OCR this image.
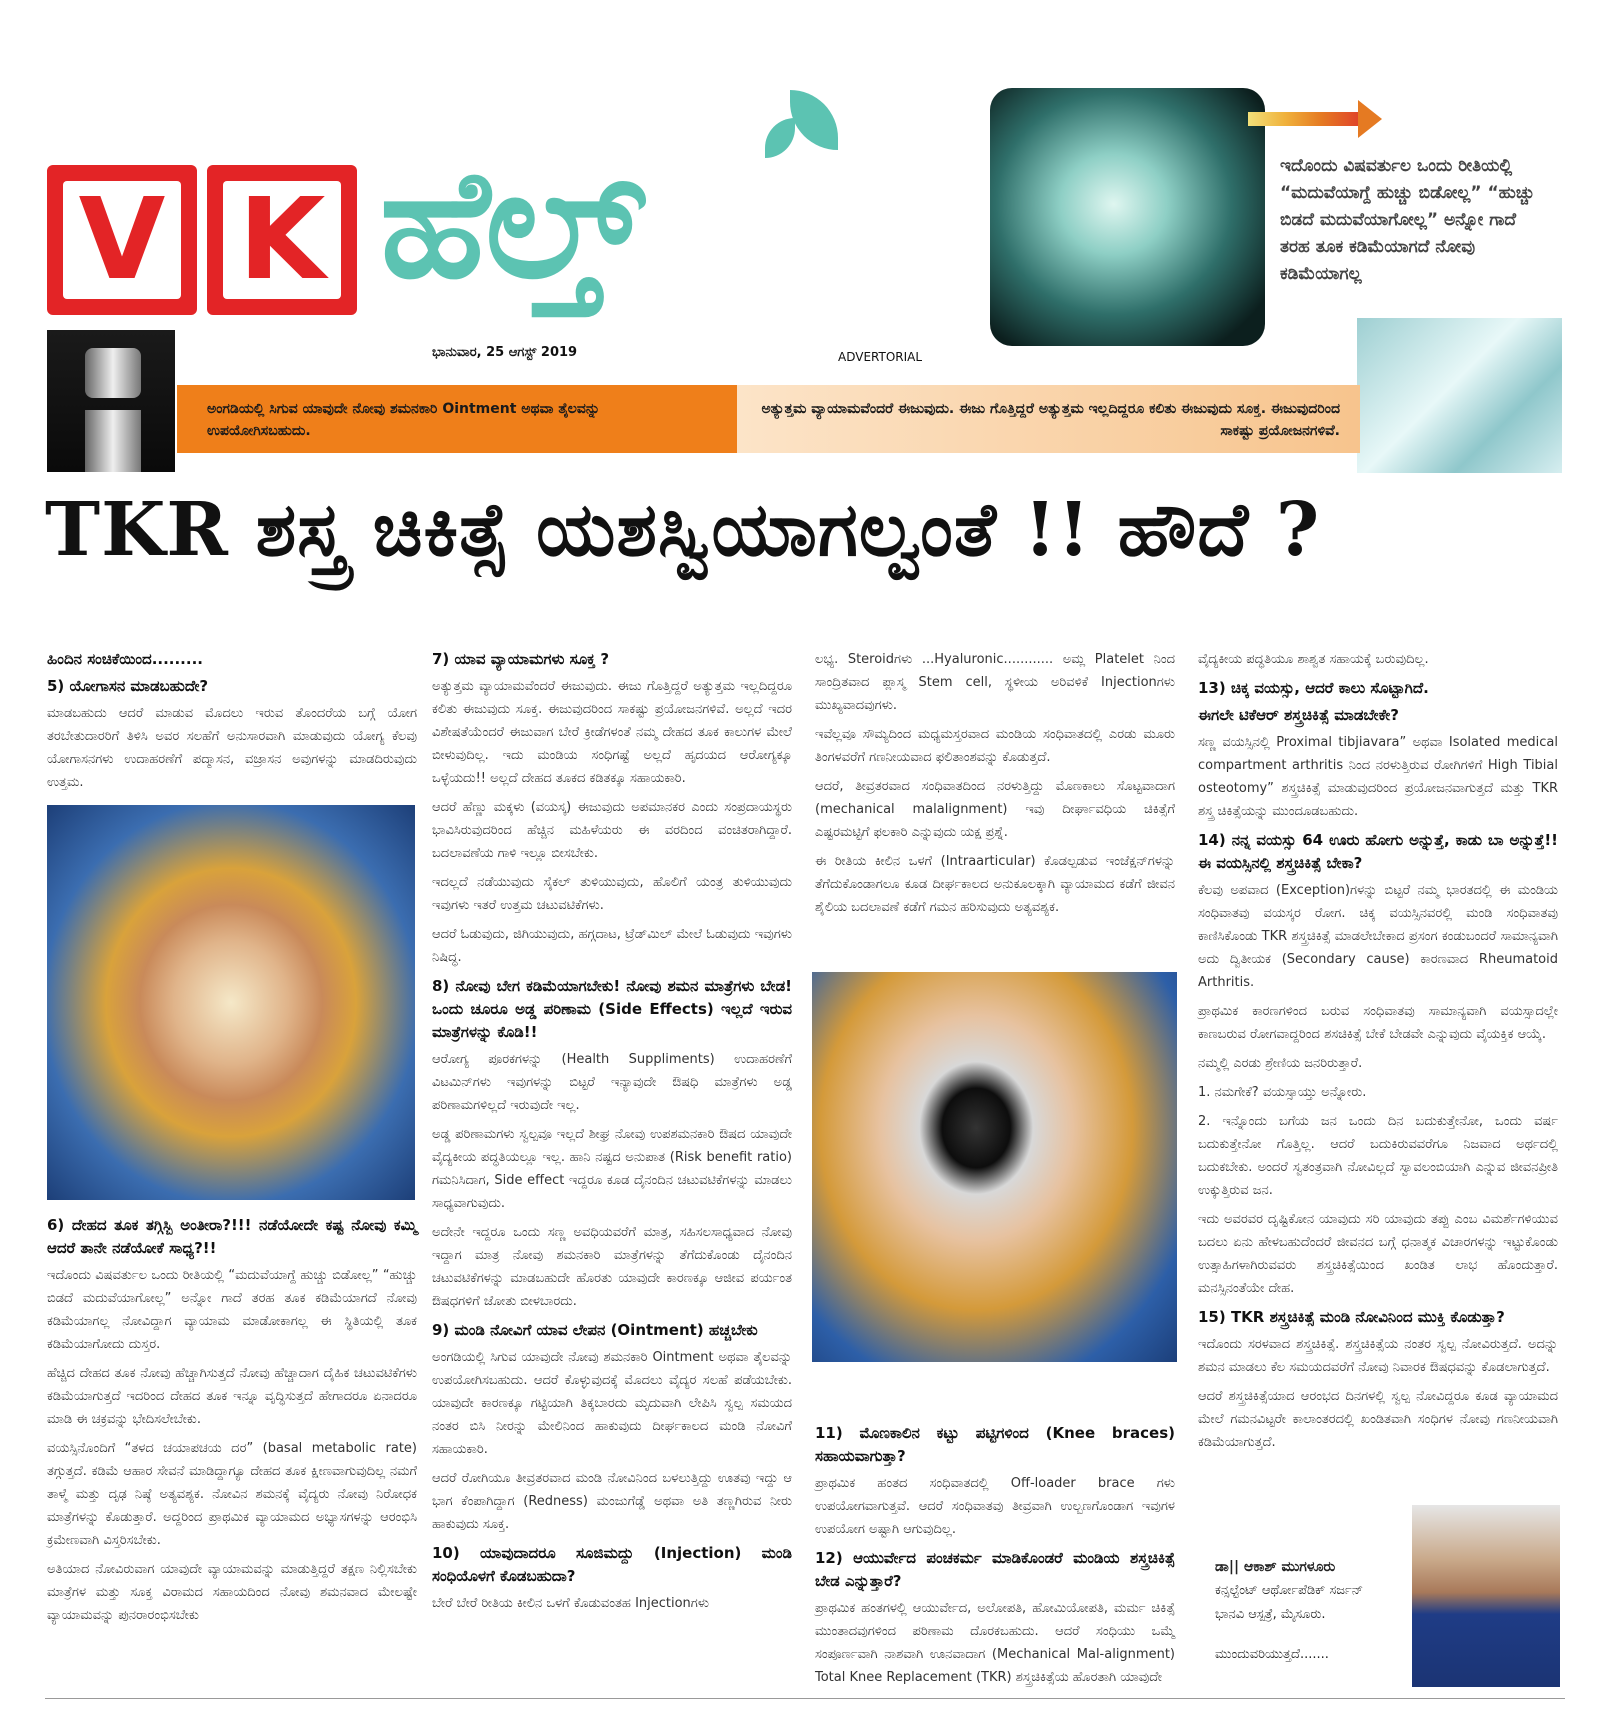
V K ಹೆಲ್ತ್	ಇದೊಂದು ವಿಷವರ್ತುಲ ಒಂದು ರೀತಿಯಲ್ಲಿ “ಮದುವೆಯಾಗ್ದೆ ಹುಚ್ಚು ಬಿಡೋಲ್ಲ” “ಹುಚ್ಚು ಬಿಡದೆ ಮದುವೆಯಾಗೋಲ್ಲ” ಅನ್ನೋ ಗಾದೆ ತರಹ ತೂಕ ಕಡಿಮೆಯಾಗದೆ ನೋವು ಕಡಿಮೆಯಾಗಲ್ಲ
ಭಾನುವಾರ, 25 ಆಗಸ್ಟ್ 2019	ADVERTORIAL
ಅಂಗಡಿಯಲ್ಲಿ ಸಿಗುವ ಯಾವುದೇ ನೋವು ಶಮನಕಾರಿ Ointment ಅಥವಾ ತೈಲವನ್ನು ಉಪಯೋಗಿಸಬಹುದು.
ಅತ್ಯುತ್ತಮ ವ್ಯಾಯಾಮವೆಂದರೆ ಈಜುವುದು. ಈಜು ಗೊತ್ತಿದ್ದರೆ ಅತ್ಯುತ್ತಮ ಇಲ್ಲದಿದ್ದರೂ ಕಲಿತು ಈಜುವುದು ಸೂಕ್ತ. ಈಜುವುದರಿಂದ ಸಾಕಷ್ಟು ಪ್ರಯೋಜನಗಳಿವೆ.
TKR ಶಸ್ತ್ರ ಚಿಕಿತ್ಸೆ ಯಶಸ್ವಿಯಾಗಲ್ವಂತೆ !! ಹೌದೆ ?

ಹಿಂದಿನ ಸಂಚಿಕೆಯಿಂದ.........

5) ಯೋಗಾಸನ ಮಾಡಬಹುದೇ?

ಮಾಡಬಹುದು ಆದರೆ ಮಾಡುವ ಮೊದಲು ಇರುವ ತೊಂದರೆಯ ಬಗ್ಗೆ ಯೋಗ ತರಬೇತುದಾರರಿಗೆ ತಿಳಿಸಿ ಅವರ ಸಲಹೆಗೆ ಅನುಸಾರವಾಗಿ ಮಾಡುವುದು ಯೋಗ್ಯ ಕೆಲವು ಯೋಗಾಸನಗಳು ಉದಾಹರಣೆಗೆ ಪದ್ಮಾಸನ, ವಜ್ರಾಸನ ಅವುಗಳನ್ನು ಮಾಡದಿರುವುದು ಉತ್ತಮ.

6) ದೇಹದ ತೂಕ ತಗ್ಗಿಸ್ಬಿ ಅಂತೀರಾ?!!! ನಡೆಯೋದೇ ಕಷ್ಟ ನೋವು ಕಮ್ಮಿ ಆದರೆ ತಾನೇ ನಡೆಯೋಕೆ ಸಾಧ್ಯ?!!

ಇದೊಂದು ವಿಷವರ್ತುಲ ಒಂದು ರೀತಿಯಲ್ಲಿ “ಮದುವೆಯಾಗ್ದೆ ಹುಚ್ಚು ಬಿಡೋಲ್ಲ” “ಹುಚ್ಚು ಬಿಡದೆ ಮದುವೆಯಾಗೋಲ್ಲ” ಅನ್ನೋ ಗಾದೆ ತರಹ ತೂಕ ಕಡಿಮೆಯಾಗದೆ ನೋವು ಕಡಿಮೆಯಾಗಲ್ಲ ನೋವಿದ್ದಾಗ ವ್ಯಾಯಾಮ ಮಾಡೋಕಾಗಲ್ಲ ಈ ಸ್ಥಿತಿಯಲ್ಲಿ ತೂಕ ಕಡಿಮೆಯಾಗೋದು ದುಸ್ತರ.

ಹೆಚ್ಚಿದ ದೇಹದ ತೂಕ ನೋವು ಹೆಚ್ಚಾಗಿಸುತ್ತದೆ ನೋವು ಹೆಚ್ಚಾದಾಗ ದೈಹಿಕ ಚಟುವಟಿಕೆಗಳು ಕಡಿಮೆಯಾಗುತ್ತದೆ ಇದರಿಂದ ದೇಹದ ತೂಕ ಇನ್ನೂ ವೃದ್ಧಿಸುತ್ತದೆ ಹೇಗಾದರೂ ಏನಾದರೂ ಮಾಡಿ ಈ ಚಕ್ರವನ್ನು ಭೇದಿಸಲೇಬೇಕು.

ವಯಸ್ಸಿನೊಂದಿಗೆ “ತಳದ ಚಯಾಪಚಯ ದರ” (basal metabolic rate) ತಗ್ಗುತ್ತದೆ. ಕಡಿಮೆ ಆಹಾರ ಸೇವನೆ ಮಾಡಿದ್ದಾಗ್ಯೂ ದೇಹದ ತೂಕ ಕ್ಷೀಣವಾಗುವುದಿಲ್ಲ ನಮಗೆ ತಾಳ್ಮೆ ಮತ್ತು ದೃಢ ನಿಷ್ಠೆ ಅತ್ಯವಶ್ಯಕ. ನೋವಿನ ಶಮನಕ್ಕೆ ವೈದ್ಯರು ನೋವು ನಿರೋಧಕ ಮಾತ್ರೆಗಳನ್ನು ಕೊಡುತ್ತಾರೆ. ಅದ್ದರಿಂದ ಪ್ರಾಥಮಿಕ ವ್ಯಾಯಾಮದ ಅಭ್ಯಾಸಗಳನ್ನು ಆರಂಭಿಸಿ ಕ್ರಮೇಣವಾಗಿ ವಿಸ್ತರಿಸಬೇಕು.

ಅತಿಯಾದ ನೋವಿರುವಾಗ ಯಾವುದೇ ವ್ಯಾಯಾಮವನ್ನು ಮಾಡುತ್ತಿದ್ದರೆ ತಕ್ಷಣ ನಿಲ್ಲಿಸಬೇಕು ಮಾತ್ರೆಗಳ ಮತ್ತು ಸೂಕ್ತ ವಿರಾಮದ ಸಹಾಯದಿಂದ ನೋವು ಶಮನವಾದ ಮೇಲಷ್ಟೇ ವ್ಯಾಯಾಮವನ್ನು ಪುನರಾರಂಭಿಸಬೇಕು

7) ಯಾವ ವ್ಯಾಯಾಮಗಳು ಸೂಕ್ತ ?

ಅತ್ಯುತ್ತಮ ವ್ಯಾಯಾಮವೆಂದರೆ ಈಜುವುದು. ಈಜು ಗೊತ್ತಿದ್ದರೆ ಅತ್ಯುತ್ತಮ ಇಲ್ಲದಿದ್ದರೂ ಕಲಿತು ಈಜುವುದು ಸೂಕ್ತ. ಈಜುವುದರಿಂದ ಸಾಕಷ್ಟು ಪ್ರಯೋಜನಗಳಿವೆ. ಅಲ್ಲದೆ ಇದರ ವಿಶೇಷತೆಯೆಂದರೆ ಈಜುವಾಗ ಬೇರೆ ಕ್ರೀಡೆಗಳಂತೆ ನಮ್ಮ ದೇಹದ ತೂಕ ಕಾಲುಗಳ ಮೇಲೆ ಬೀಳುವುದಿಲ್ಲ. ಇದು ಮಂಡಿಯ ಸಂಧಿಗಷ್ಟೆ ಅಲ್ಲದೆ ಹೃದಯದ ಆರೋಗ್ಯಕ್ಕೂ ಒಳ್ಳೆಯದು!! ಅಲ್ಲದೆ ದೇಹದ ತೂಕದ ಕಡಿತಕ್ಕೂ ಸಹಾಯಕಾರಿ.

ಆದರೆ ಹೆಣ್ಣು ಮಕ್ಕಳು (ವಯಸ್ಕ) ಈಜುವುದು ಅಪಮಾನಕರ ಎಂದು ಸಂಪ್ರದಾಯಸ್ಥರು ಭಾವಿಸಿರುವುದರಿಂದ ಹೆಚ್ಚಿನ ಮಹಿಳೆಯರು ಈ ವರದಿಂದ ವಂಚಿತರಾಗಿದ್ದಾರೆ. ಬದಲಾವಣೆಯ ಗಾಳಿ ಇಲ್ಲೂ ಬೀಸಬೇಕು.

ಇದಲ್ಲದೆ ನಡೆಯುವುದು ಸೈಕಲ್ ತುಳಿಯುವುದು, ಹೊಲಿಗೆ ಯಂತ್ರ ತುಳಿಯುವುದು ಇವುಗಳು ಇತರೆ ಉತ್ತಮ ಚಟುವಟಿಕೆಗಳು.

ಆದರೆ ಓಡುವುದು, ಜಿಗಿಯುವುದು, ಹಗ್ಗದಾಟ, ಟ್ರೆಡ್‌ಮಿಲ್ ಮೇಲೆ ಓಡುವುದು ಇವುಗಳು ನಿಷಿದ್ಧ.

8) ನೋವು ಬೇಗ ಕಡಿಮೆಯಾಗಬೇಕು! ನೋವು ಶಮನ ಮಾತ್ರೆಗಳು ಬೇಡ! ಒಂದು ಚೂರೂ ಅಡ್ಡ ಪರಿಣಾಮ (Side Effects) ಇಲ್ಲದೆ ಇರುವ ಮಾತ್ರೆಗಳನ್ನು ಕೊಡಿ!!

ಆರೋಗ್ಯ ಪೂರಕಗಳನ್ನು (Health Suppliments) ಉದಾಹರಣೆಗೆ ವಿಟಮಿನ್‌ಗಳು ಇವುಗಳನ್ನು ಬಿಟ್ಟರೆ ಇನ್ಯಾವುದೇ ಔಷಧಿ ಮಾತ್ರೆಗಳು ಅಡ್ಡ ಪರಿಣಾಮಗಳಿಲ್ಲದೆ ಇರುವುದೇ ಇಲ್ಲ.

ಅಡ್ಡ ಪರಿಣಾಮಗಳು ಸ್ವಲ್ಪವೂ ಇಲ್ಲದೆ ಶೀಘ್ರ ನೋವು ಉಪಶಮನಕಾರಿ ಔಷದ ಯಾವುದೇ ವೈದ್ಯಕೀಯ ಪದ್ಧತಿಯಲ್ಲೂ ಇಲ್ಲ. ಹಾನಿ ನಷ್ಟದ ಅನುಪಾತ (Risk benefit ratio) ಗಮನಿಸಿದಾಗ, Side effect ಇದ್ದರೂ ಕೂಡ ದೈನಂದಿನ ಚಟುವಟಿಕೆಗಳನ್ನು ಮಾಡಲು ಸಾಧ್ಯವಾಗುವುದು.

ಅದೇನೇ ಇದ್ದರೂ ಒಂದು ಸಣ್ಣ ಅವಧಿಯವರೆಗೆ ಮಾತ್ರ, ಸಹಿಸಲಸಾಧ್ಯವಾದ ನೋವು ಇದ್ದಾಗ ಮಾತ್ರ ನೋವು ಶಮನಕಾರಿ ಮಾತ್ರೆಗಳನ್ನು ತೆಗೆದುಕೊಂಡು ದೈನಂದಿನ ಚಟುವಟಿಕೆಗಳನ್ನು ಮಾಡಬಹುದೇ ಹೊರತು ಯಾವುದೇ ಕಾರಣಕ್ಕೂ ಆಜೀವ ಪರ್ಯಂತ ಔಷಧಗಳಿಗೆ ಜೋತು ಬೀಳಬಾರದು.

9) ಮಂಡಿ ನೋವಿಗೆ ಯಾವ ಲೇಪನ (Ointment) ಹಚ್ಚಬೇಕು

ಅಂಗಡಿಯಲ್ಲಿ ಸಿಗುವ ಯಾವುದೇ ನೋವು ಶಮನಕಾರಿ Ointment ಅಥವಾ ತೈಲವನ್ನು ಉಪಯೋಗಿಸಬಹುದು. ಆದರೆ ಕೊಳ್ಳುವುದಕ್ಕೆ ಮೊದಲು ವೈದ್ಯರ ಸಲಹೆ ಪಡೆಯಬೇಕು. ಯಾವುದೇ ಕಾರಣಕ್ಕೂ ಗಟ್ಟಿಯಾಗಿ ತಿಕ್ಕಬಾರದು ಮೃದುವಾಗಿ ಲೇಪಿಸಿ ಸ್ವಲ್ಪ ಸಮಯದ ನಂತರ ಬಿಸಿ ನೀರನ್ನು ಮೇಲಿನಿಂದ ಹಾಕುವುದು ದೀರ್ಘಕಾಲದ ಮಂಡಿ ನೋವಿಗೆ ಸಹಾಯಕಾರಿ.

ಆದರೆ ರೋಗಿಯೂ ತೀವ್ರತರವಾದ ಮಂಡಿ ನೋವಿನಿಂದ ಬಳಲುತ್ತಿದ್ದು ಊತವು ಇದ್ದು ಆ ಭಾಗ ಕೆಂಪಾಗಿದ್ದಾಗ (Redness) ಮಂಜುಗೆಡ್ಡೆ ಅಥವಾ ಅತಿ ತಣ್ಣಗಿರುವ ನೀರು ಹಾಕುವುದು ಸೂಕ್ತ.

10) ಯಾವುದಾದರೂ ಸೂಜಿಮದ್ದು (Injection) ಮಂಡಿ ಸಂಧಿಯೊಳಗೆ ಕೊಡಬಹುದಾ?

ಬೇರೆ ಬೇರೆ ರೀತಿಯ ಕೀಲಿನ ಒಳಗೆ ಕೊಡುವಂತಹ Injectionಗಳು

ಲಭ್ಯ. Steroidಗಳು ...Hyaluronic............ ಅಮ್ಲ Platelet ನಿಂದ ಸಾಂದ್ರಿತವಾದ ಪ್ಲಾಸ್ಮ Stem cell, ಸ್ಥಳೀಯ ಅರಿವಳಿಕೆ Injectionಗಳು ಮುಖ್ಯವಾದವುಗಳು.

ಇವೆಲ್ಲವೂ ಸೌಮ್ಯದಿಂದ ಮಧ್ಯಮಸ್ತರವಾದ ಮಂಡಿಯ ಸಂಧಿವಾತದಲ್ಲಿ ಎರಡು ಮೂರು ತಿಂಗಳವರೆಗೆ ಗಣನೀಯವಾದ ಫಲಿತಾಂಶವನ್ನು ಕೊಡುತ್ತದೆ.

ಆದರೆ, ತೀವ್ರತರವಾದ ಸಂಧಿವಾತದಿಂದ ನರಳುತ್ತಿದ್ದು ಮೊಣಕಾಲು ಸೊಟ್ಟವಾದಾಗ (mechanical malalignment) ಇವು ದೀರ್ಘಾವಧಿಯ ಚಿಕಿತ್ಸೆಗೆ ಎಷ್ಟರಮಟ್ಟಿಗೆ ಫಲಕಾರಿ ಎನ್ನುವುದು ಯಕ್ಷ ಪ್ರಶ್ನೆ.

ಈ ರೀತಿಯ ಕೀಲಿನ ಒಳಗೆ (Intraarticular) ಕೊಡಲ್ಪಡುವ ಇಂಜೆಕ್ಷನ್‌ಗಳನ್ನು ತೆಗೆದುಕೊಂಡಾಗಲೂ ಕೂಡ ದೀರ್ಘಕಾಲದ ಅನುಕೂಲಕ್ಕಾಗಿ ವ್ಯಾಯಾಮದ ಕಡೆಗೆ ಜೀವನ ಶೈಲಿಯ ಬದಲಾವಣೆ ಕಡೆಗೆ ಗಮನ ಹರಿಸುವುದು ಅತ್ಯವಶ್ಯಕ.

11) ಮೊಣಕಾಲಿನ ಕಟ್ಟು ಪಟ್ಟಿಗಳಿಂದ (Knee braces) ಸಹಾಯವಾಗುತ್ತಾ?

ಪ್ರಾಥಮಿಕ ಹಂತದ ಸಂಧಿವಾತದಲ್ಲಿ Off-loader brace ಗಳು ಉಪಯೋಗವಾಗುತ್ತವೆ. ಆದರೆ ಸಂಧಿವಾತವು ತೀವ್ರವಾಗಿ ಉಲ್ಬಣಗೊಂಡಾಗ ಇವುಗಳ ಉಪಯೋಗ ಅಷ್ಟಾಗಿ ಆಗುವುದಿಲ್ಲ.

12) ಆಯುರ್ವೇದ ಪಂಚಕರ್ಮ ಮಾಡಿಕೊಂಡರೆ ಮಂಡಿಯ ಶಸ್ತ್ರಚಿಕಿತ್ಸೆ ಬೇಡ ಎನ್ನುತ್ತಾರೆ?

ಪ್ರಾಥಮಿಕ ಹಂತಗಳಲ್ಲಿ ಆಯುರ್ವೇದ, ಅಲೋಪತಿ, ಹೋಮಿಯೋಪತಿ, ಮರ್ಮ ಚಿಕಿತ್ಸೆ ಮುಂತಾದವುಗಳಿಂದ ಪರಿಣಾಮ ದೊರಕಬಹುದು. ಆದರೆ ಸಂಧಿಯು ಒಮ್ಮೆ ಸಂಪೂರ್ಣವಾಗಿ ನಾಶವಾಗಿ ಊನವಾದಾಗ (Mechanical Mal-alignment) Total Knee Replacement (TKR) ಶಸ್ತ್ರಚಿಕಿತ್ಸೆಯ ಹೊರತಾಗಿ ಯಾವುದೇ

ವೈದ್ಯಕೀಯ ಪದ್ಧತಿಯೂ ಶಾಶ್ವತ ಸಹಾಯಕ್ಕೆ ಬರುವುದಿಲ್ಲ.

13) ಚಿಕ್ಕ ವಯಸ್ಸು, ಆದರೆ ಕಾಲು ಸೊಟ್ಟಾಗಿದೆ.

ಈಗಲೇ ಟಿಕೆಆರ್ ಶಸ್ತ್ರಚಿಕಿತ್ಸೆ ಮಾಡಬೇಕೇ?

ಸಣ್ಣ ವಯಸ್ಸಿನಲ್ಲಿ Proximal tibjiavara” ಅಥವಾ Isolated medical compartment arthritis ನಿಂದ ನರಳುತ್ತಿರುವ ರೋಗಿಗಳಿಗೆ High Tibial osteotomy” ಶಸ್ತ್ರಚಿಕಿತ್ಸೆ ಮಾಡುವುದರಿಂದ ಪ್ರಯೋಜನವಾಗುತ್ತದೆ ಮತ್ತು TKR ಶಸ್ತ್ರ ಚಿಕಿತ್ಸೆಯನ್ನು ಮುಂದೂಡಬಹುದು.

14) ನನ್ನ ವಯಸ್ಸು 64 ಊರು ಹೋಗು ಅನ್ನುತ್ತೆ, ಕಾಡು ಬಾ ಅನ್ನುತ್ತೆ!! ಈ ವಯಸ್ಸಿನಲ್ಲಿ ಶಸ್ತ್ರಚಿಕಿತ್ಸೆ ಬೇಕಾ?

ಕೆಲವು ಅಪವಾದ (Exception)ಗಳನ್ನು ಬಿಟ್ಟರೆ ನಮ್ಮ ಭಾರತದಲ್ಲಿ ಈ ಮಂಡಿಯ ಸಂಧಿವಾತವು ವಯಸ್ಕರ ರೋಗ. ಚಿಕ್ಕ ವಯಸ್ಸಿನವರಲ್ಲಿ ಮಂಡಿ ಸಂಧಿವಾತವು ಕಾಣಿಸಿಕೊಂಡು TKR ಶಸ್ತ್ರಚಿಕಿತ್ಸೆ ಮಾಡಲೇಬೇಕಾದ ಪ್ರಸಂಗ ಕಂಡುಬಂದರೆ ಸಾಮಾನ್ಯವಾಗಿ ಅದು ದ್ವಿತೀಯಕ (Secondary cause) ಕಾರಣವಾದ Rheumatoid Arthritis.

ಪ್ರಾಥಮಿಕ ಕಾರಣಗಳಿಂದ ಬರುವ ಸಂಧಿವಾತವು ಸಾಮಾನ್ಯವಾಗಿ ವಯಸ್ಸಾದಲ್ಲೇ ಕಾಣಬರುವ ರೋಗವಾದ್ದರಿಂದ ಶಸಚಿಕಿತ್ಸೆ ಬೇಕೆ ಬೇಡವೇ ಎನ್ನುವುದು ವೈಯಕ್ತಿಕ ಆಯ್ಕೆ.

ನಮ್ಮಲ್ಲಿ ಎರಡು ಶ್ರೇಣಿಯ ಜನರಿರುತ್ತಾರೆ.

1. ನಮಗೇಕೆ? ವಯಸ್ಸಾಯ್ತು ಅನ್ನೋರು.

2. ಇನ್ನೊಂದು ಬಗೆಯ ಜನ ಒಂದು ದಿನ ಬದುಕುತ್ತೇನೋ, ಒಂದು ವರ್ಷ ಬದುಕುತ್ತೇನೋ ಗೊತ್ತಿಲ್ಲ. ಆದರೆ ಬದುಕಿರುವವರೆಗೂ ನಿಜವಾದ ಅರ್ಥದಲ್ಲಿ ಬದುಕಬೇಕು. ಅಂದರೆ ಸ್ವತಂತ್ರವಾಗಿ ನೋವಿಲ್ಲದೆ ಸ್ವಾವಲಂಬಿಯಾಗಿ ಎನ್ನುವ ಜೀವನಪ್ರೀತಿ ಉಕ್ಕುತ್ತಿರುವ ಜನ.

ಇದು ಅವರವರ ದೃಷ್ಟಿಕೋನ ಯಾವುದು ಸರಿ ಯಾವುದು ತಪ್ಪು ಎಂಬ ವಿಮರ್ಶೆಗಳಿಯುವ ಬದಲು ಏನು ಹೇಳಬಹುದೆಂದರೆ ಜೀವನದ ಬಗ್ಗೆ ಧನಾತ್ಮಕ ವಿಚಾರಗಳನ್ನು ಇಟ್ಟುಕೊಂಡು ಉತ್ಸಾಹಿಗಳಾಗಿರುವವರು ಶಸ್ತ್ರಚಿಕಿತ್ಸೆಯಿಂದ ಖಂಡಿತ ಲಾಭ ಹೊಂದುತ್ತಾರೆ. ಮನಸ್ಸಿನಂತೆಯೇ ದೇಹ.

15) TKR ಶಸ್ತ್ರಚಿಕಿತ್ಸೆ ಮಂಡಿ ನೋವಿನಿಂದ ಮುಕ್ತಿ ಕೊಡುತ್ತಾ?

ಇದೊಂದು ಸರಳವಾದ ಶಸ್ತ್ರಚಿಕಿತ್ಸೆ. ಶಸ್ತ್ರಚಿಕಿತ್ಸೆಯ ನಂತರ ಸ್ವಲ್ಪ ನೋವಿರುತ್ತದೆ. ಅದನ್ನು ಶಮನ ಮಾಡಲು ಕೆಲ ಸಮಯದವರೆಗೆ ನೋವು ನಿವಾರಕ ಔಷಧವನ್ನು ಕೊಡಲಾಗುತ್ತದೆ.

ಆದರೆ ಶಸ್ತ್ರಚಿಕಿತ್ಸೆಯಾದ ಆರಂಭದ ದಿನಗಳಲ್ಲಿ ಸ್ವಲ್ಪ ನೋವಿದ್ದರೂ ಕೂಡ ವ್ಯಾಯಾಮದ ಮೇಲೆ ಗಮನವಿಟ್ಟರೇ ಕಾಲಾಂತರದಲ್ಲಿ ಖಂಡಿತವಾಗಿ ಸಂಧಿಗಳ ನೋವು ಗಣನೀಯವಾಗಿ ಕಡಿಮೆಯಾಗುತ್ತದೆ.

ಡಾ|| ಆಕಾಶ್ ಮುಗಳೂರು
ಕನ್ಸಲ್ಟೆಂಟ್ ಆರ್ಥೋಪೆಡಿಕ್ ಸರ್ಜನ್
ಭಾನವಿ ಆಸ್ಪತ್ರೆ, ಮೈಸೂರು.
ಮುಂದುವರಿಯುತ್ತದೆ.......
